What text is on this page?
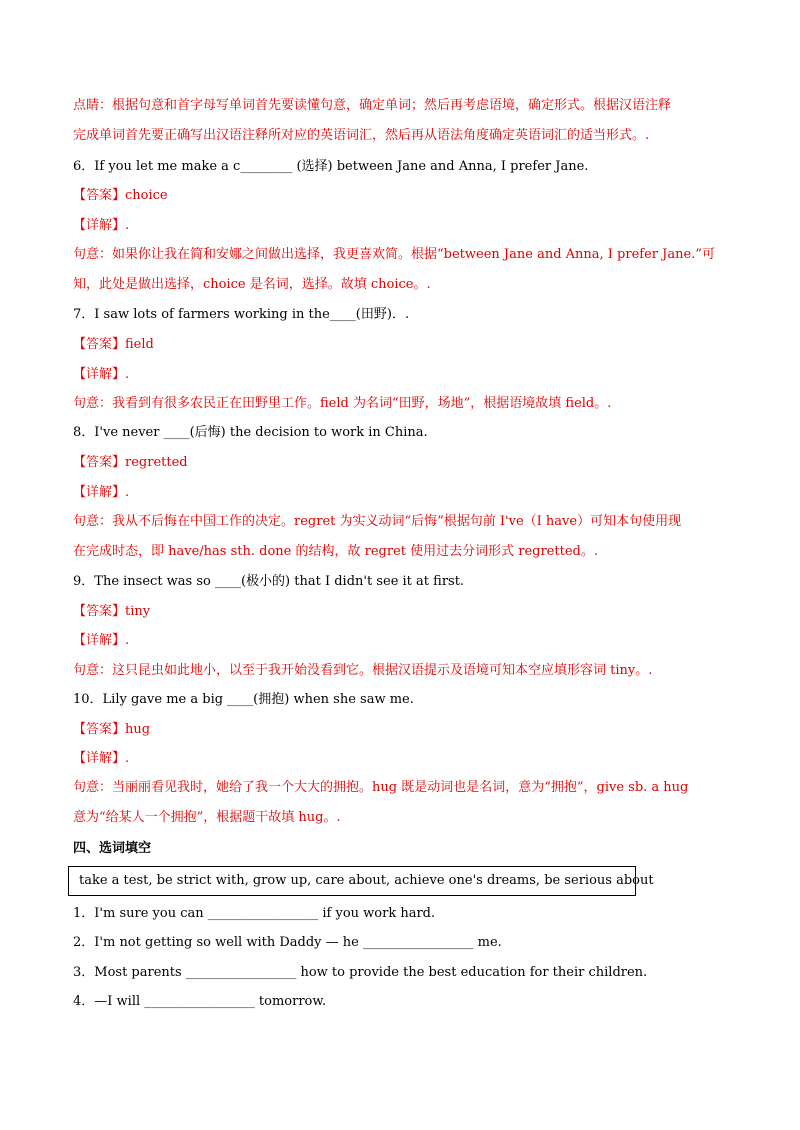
点睛：根据句意和首字母写单词首先要读懂句意，确定单词；然后再考虑语境，确定形式。根据汉语注释
完成单词首先要正确写出汉语注释所对应的英语词汇，然后再从语法角度确定英语词汇的适当形式。.
6．If you let me make a c________ (选择) between Jane and Anna, I prefer Jane.
【答案】choice
【详解】.
句意：如果你让我在简和安娜之间做出选择，我更喜欢简。根据“between Jane and Anna, I prefer Jane.”可
知，此处是做出选择，choice 是名词，选择。故填 choice。.
7．I saw lots of farmers working in the____(田野)．.
【答案】field
【详解】.
句意：我看到有很多农民正在田野里工作。field 为名词“田野，场地”，根据语境故填 field。.
8．I've never ____(后悔) the decision to work in China.
【答案】regretted
【详解】.
句意：我从不后悔在中国工作的决定。regret 为实义动词“后悔”根据句前 I've（I have）可知本句使用现
在完成时态，即 have/has sth. done 的结构，故 regret 使用过去分词形式 regretted。.
9．The insect was so ____(极小的) that I didn't see it at first.
【答案】tiny
【详解】.
句意：这只昆虫如此地小，以至于我开始没看到它。根据汉语提示及语境可知本空应填形容词 tiny。.
10．Lily gave me a big ____(拥抱) when she saw me.
【答案】hug
【详解】.
句意：当丽丽看见我时，她给了我一个大大的拥抱。hug 既是动词也是名词，意为“拥抱”，give sb. a hug
意为“给某人一个拥抱”，根据题干故填 hug。.
四、选词填空
take a test, be strict with, grow up, care about, achieve one's dreams, be serious about
1．I'm sure you can _________________ if you work hard.
2．I'm not getting so well with Daddy — he _________________ me.
3．Most parents _________________ how to provide the best education for their children.
4．—I will _________________ tomorrow.
